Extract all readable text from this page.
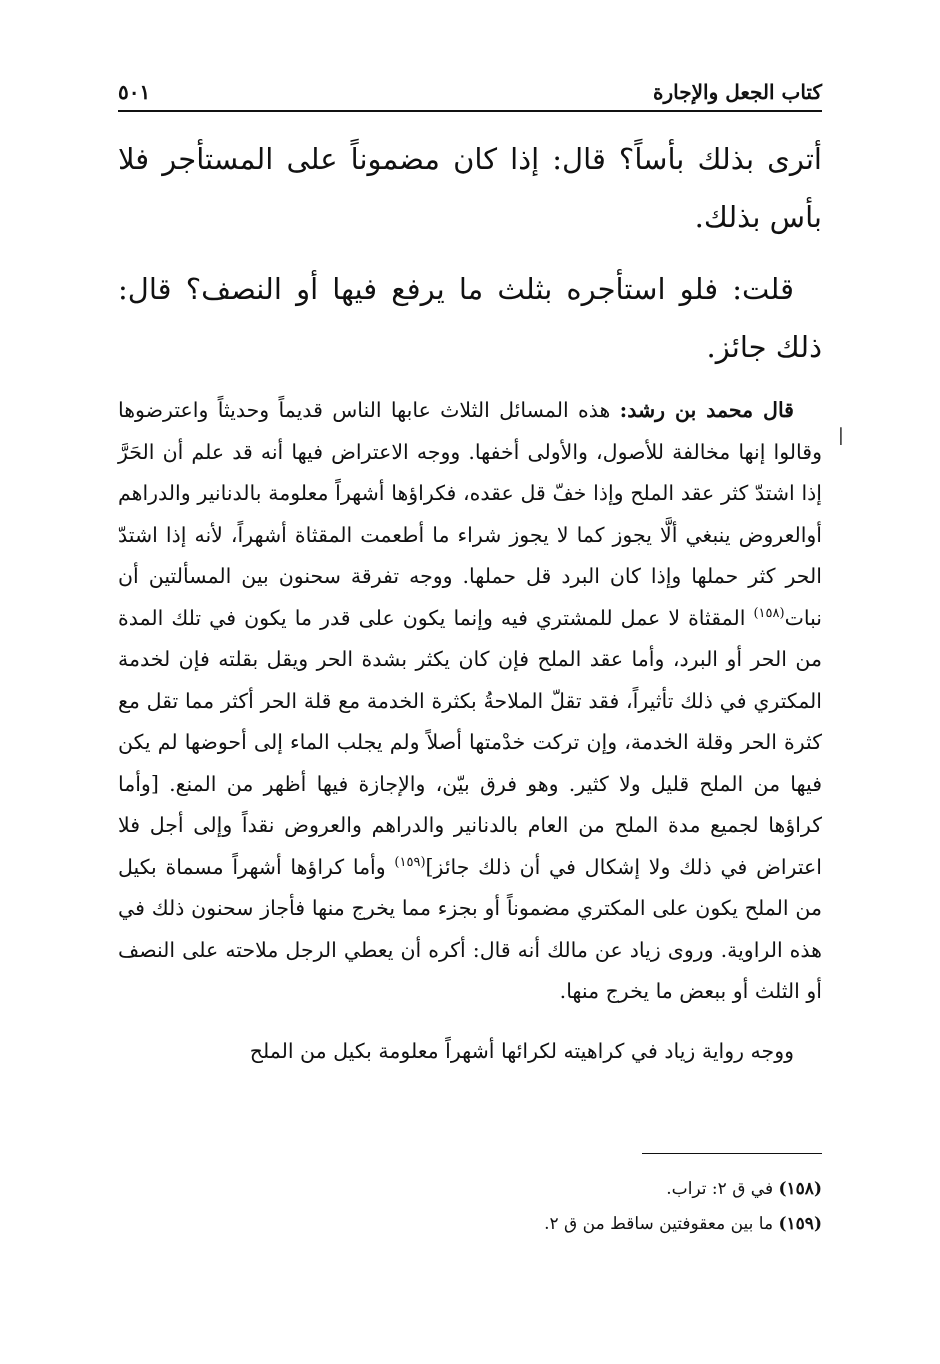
كتاب الجعل والإجارة
٥٠١

أترى بذلك بأساً؟ قال: إذا كان مضموناً على المستأجر فلا بأس بذلك.

قلت: فلو استأجره بثلث ما يرفع فيها أو النصف؟ قال: ذلك جائز.

قال محمد بن رشد: هذه المسائل الثلاث عابها الناس قديماً وحديثاً واعترضوها وقالوا إنها مخالفة للأصول، والأولى أخفها. ووجه الاعتراض فيها أنه قد علم أن الحَرَّ إذا اشتدّ كثر عقد الملح وإذا خفّ قل عقده، فكراؤها أشهراً معلومة بالدنانير والدراهم أوالعروض ينبغي ألَّا يجوز كما لا يجوز شراء ما أطعمت المقثاة أشهراً، لأنه إذا اشتدّ الحر كثر حملها وإذا كان البرد قل حملها. ووجه تفرقة سحنون بين المسألتين أن نبات$^{(١٥٨)}$ المقثاة لا عمل للمشتري فيه وإنما يكون على قدر ما يكون في تلك المدة من الحر أو البرد، وأما عقد الملح فإن كان يكثر بشدة الحر ويقل بقلته فإن لخدمة المكتري في ذلك تأثيراً، فقد تقلّ الملاحةُ بكثرة الخدمة مع قلة الحر أكثر مما تقل مع كثرة الحر وقلة الخدمة، وإن تركت خدْمتها أصلاً ولم يجلب الماء إلى أحوضها لم يكن فيها من الملح قليل ولا كثير. وهو فرق بيّن، والإجازة فيها أظهر من المنع. [وأما كراؤها لجميع مدة الملح من العام بالدنانير والدراهم والعروض نقداً وإلى أجل فلا اعتراض في ذلك ولا إشكال في أن ذلك جائز]$^{(١٥٩)}$ وأما كراؤها أشهراً مسماة بكيل من الملح يكون على المكتري مضموناً أو بجزء مما يخرج منها فأجاز سحنون ذلك في هذه الراوية. وروى زياد عن مالك أنه قال: أكره أن يعطي الرجل ملاحته على النصف أو الثلث أو ببعض ما يخرج منها.

ووجه رواية زياد في كراهيته لكرائها أشهراً معلومة بكيل من الملح

|

(١٥٨) في ق ٢: تراب.

(١٥٩) ما بين معقوفتين ساقط من ق ٢.
